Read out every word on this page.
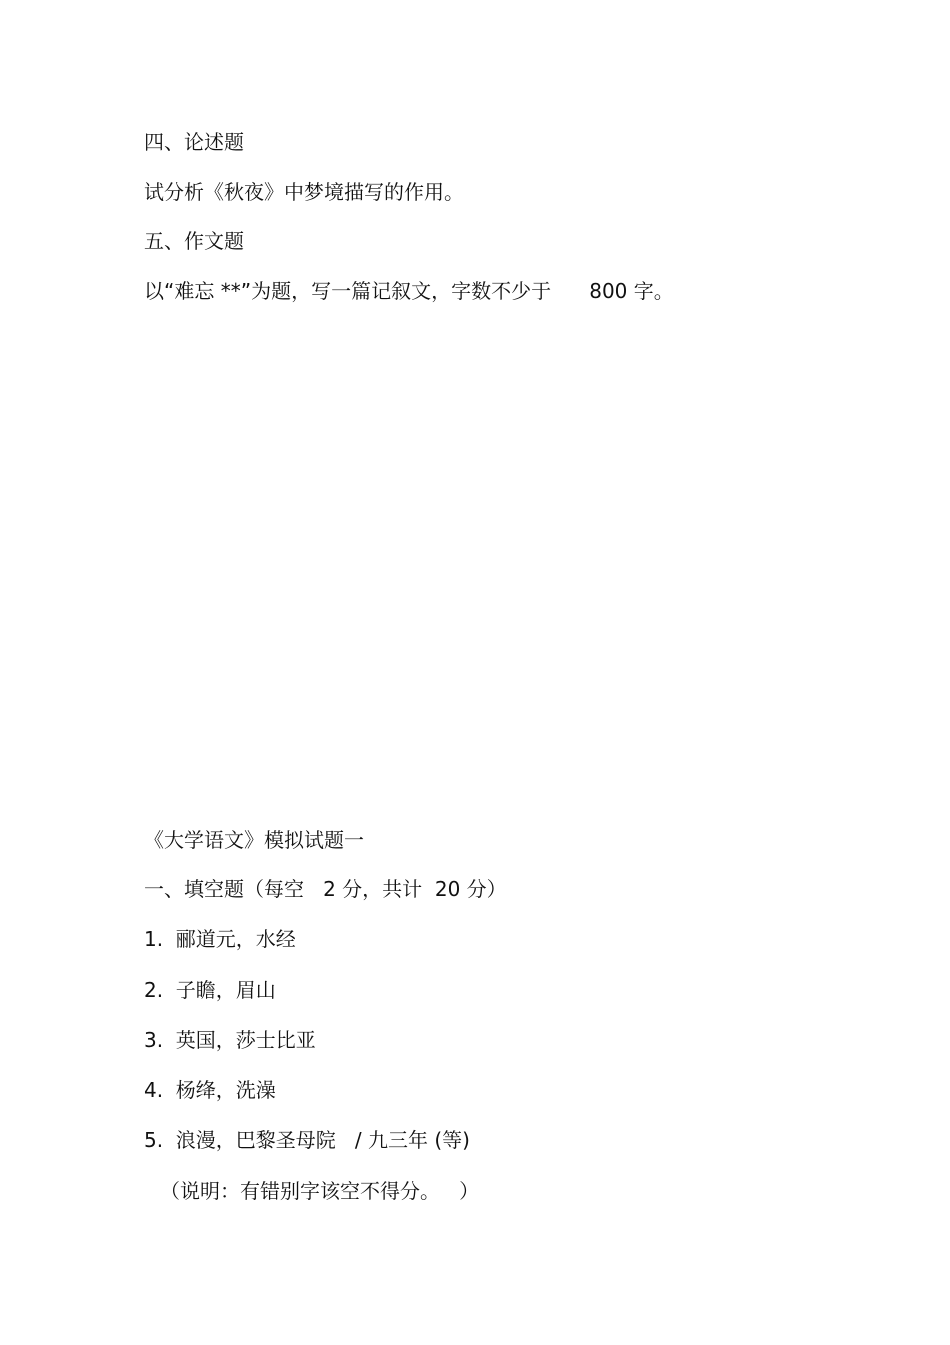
四、论述题

试分析《秋夜》中梦境描写的作用。

五、作文题

以“难忘 **”为题，写一篇记叙文，字数不少于      800 字。

《大学语文》模拟试题一

一、填空题（每空   2 分，共计  20 分）

1.  郦道元，水经

2.  子瞻，眉山

3.  英国，莎士比亚

4.  杨绛，洗澡

5.  浪漫，巴黎圣母院   / 九三年 (等)

（说明：有错别字该空不得分。   ）
